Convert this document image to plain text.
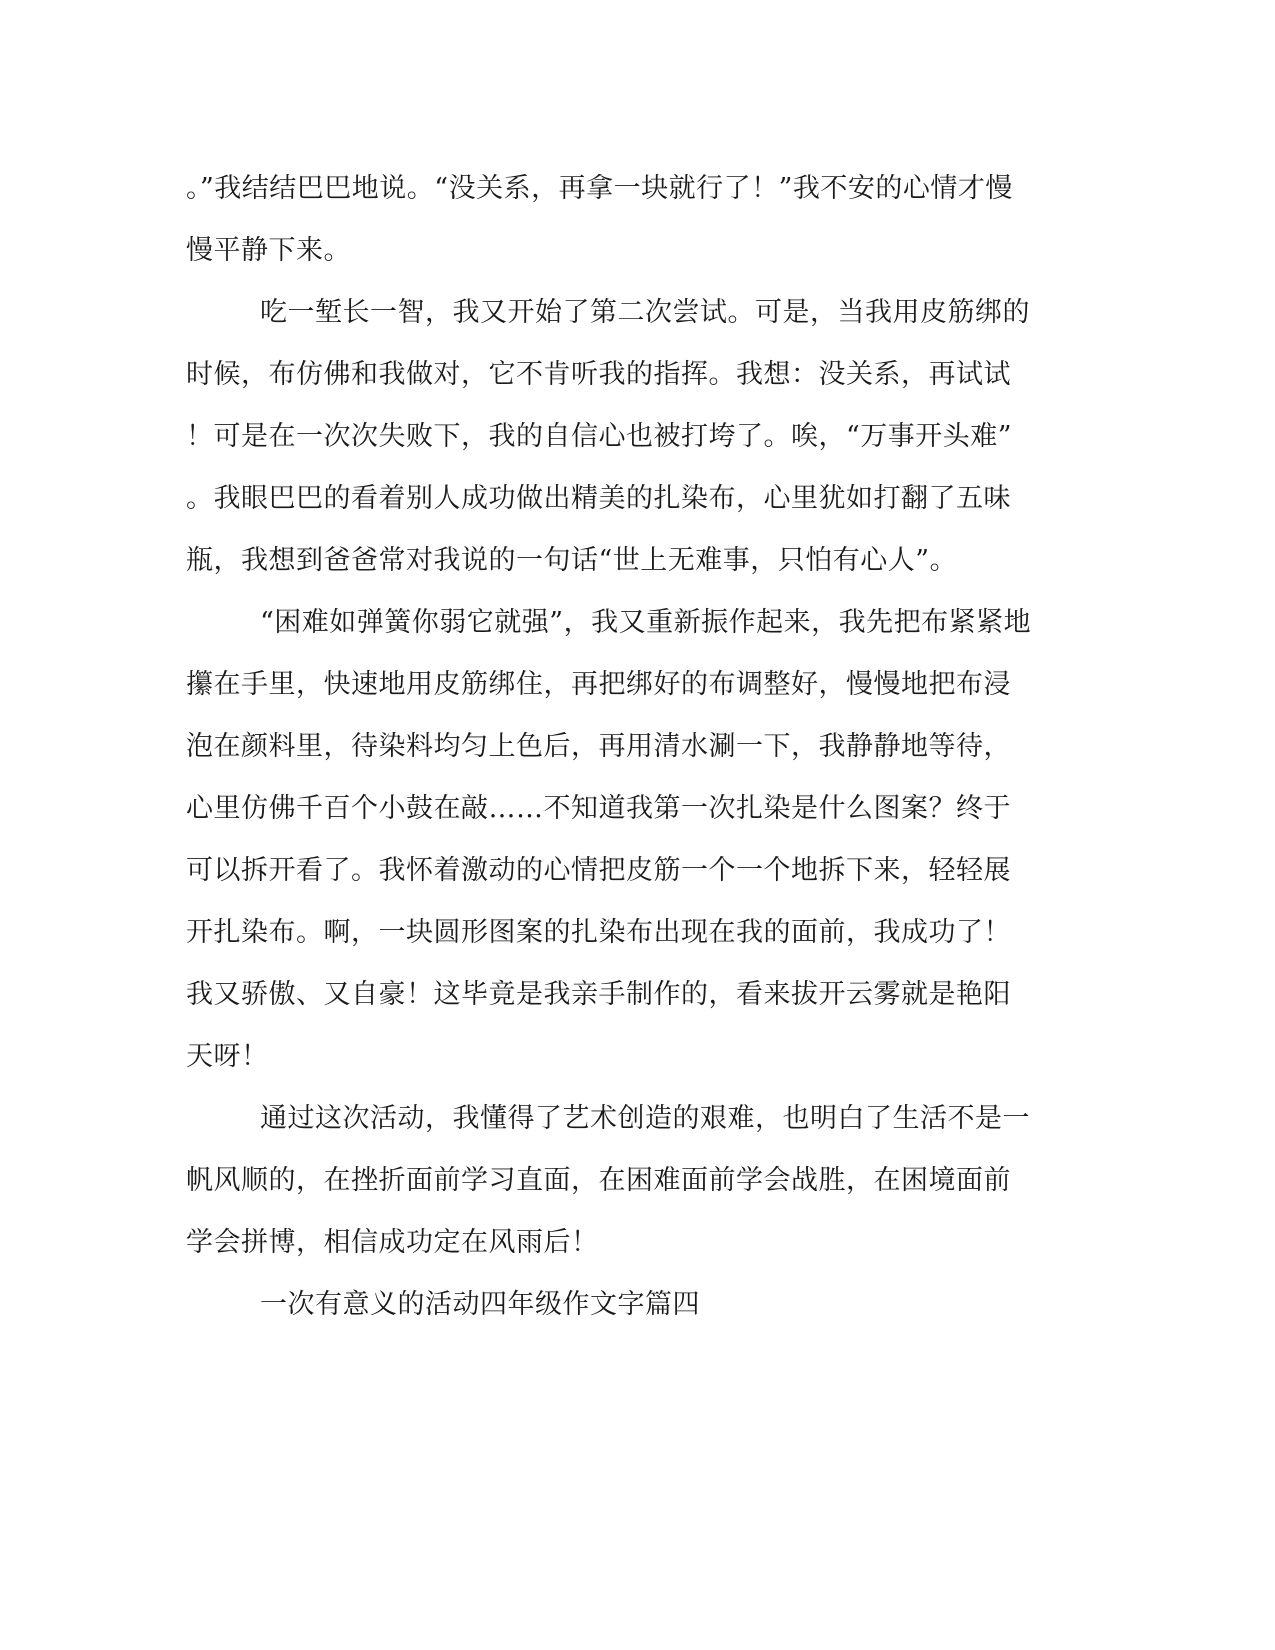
。”我结结巴巴地说。“没关系，再拿一块就行了！”我不安的心情才慢
慢平静下来。
吃一堑长一智，我又开始了第二次尝试。可是，当我用皮筋绑的
时候，布仿佛和我做对，它不肯听我的指挥。我想：没关系，再试试
！可是在一次次失败下，我的自信心也被打垮了。唉，“万事开头难”
。我眼巴巴的看着别人成功做出精美的扎染布，心里犹如打翻了五味
瓶，我想到爸爸常对我说的一句话“世上无难事，只怕有心人”。
“困难如弹簧你弱它就强”，我又重新振作起来，我先把布紧紧地
攥在手里，快速地用皮筋绑住，再把绑好的布调整好，慢慢地把布浸
泡在颜料里，待染料均匀上色后，再用清水涮一下，我静静地等待，
心里仿佛千百个小鼓在敲……不知道我第一次扎染是什么图案？终于
可以拆开看了。我怀着激动的心情把皮筋一个一个地拆下来，轻轻展
开扎染布。啊，一块圆形图案的扎染布出现在我的面前，我成功了！
我又骄傲、又自豪！这毕竟是我亲手制作的，看来拔开云雾就是艳阳
天呀！
通过这次活动，我懂得了艺术创造的艰难，也明白了生活不是一
帆风顺的，在挫折面前学习直面，在困难面前学会战胜，在困境面前
学会拼博，相信成功定在风雨后！
一次有意义的活动四年级作文字篇四
